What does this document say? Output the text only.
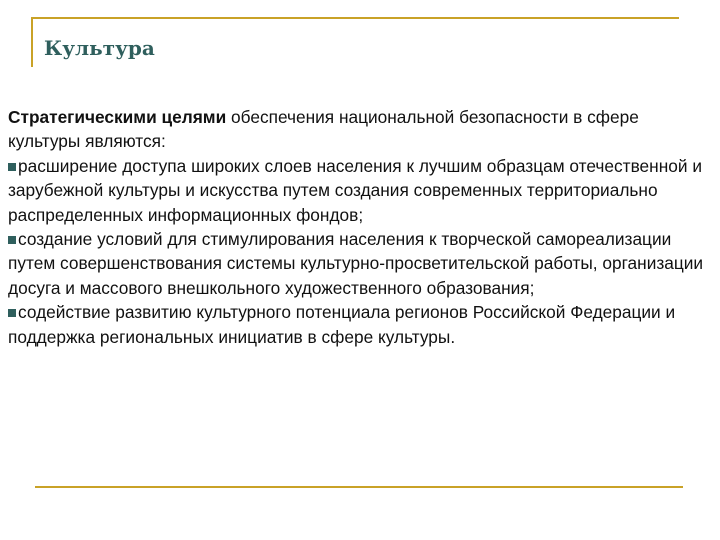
Культура

Стратегическими целями обеспечения национальной безопасности в сфере культуры являются:

расширение доступа широких слоев населения к лучшим образцам отечественной и зарубежной культуры и искусства путем создания современных территориально распределенных информационных фондов;

создание условий для стимулирования населения к творческой самореализации путем совершенствования системы культурно-просветительской работы, организации досуга и массового внешкольного художественного образования;

содействие развитию культурного потенциала регионов Российской Федерации и поддержка региональных инициатив в сфере культуры.
